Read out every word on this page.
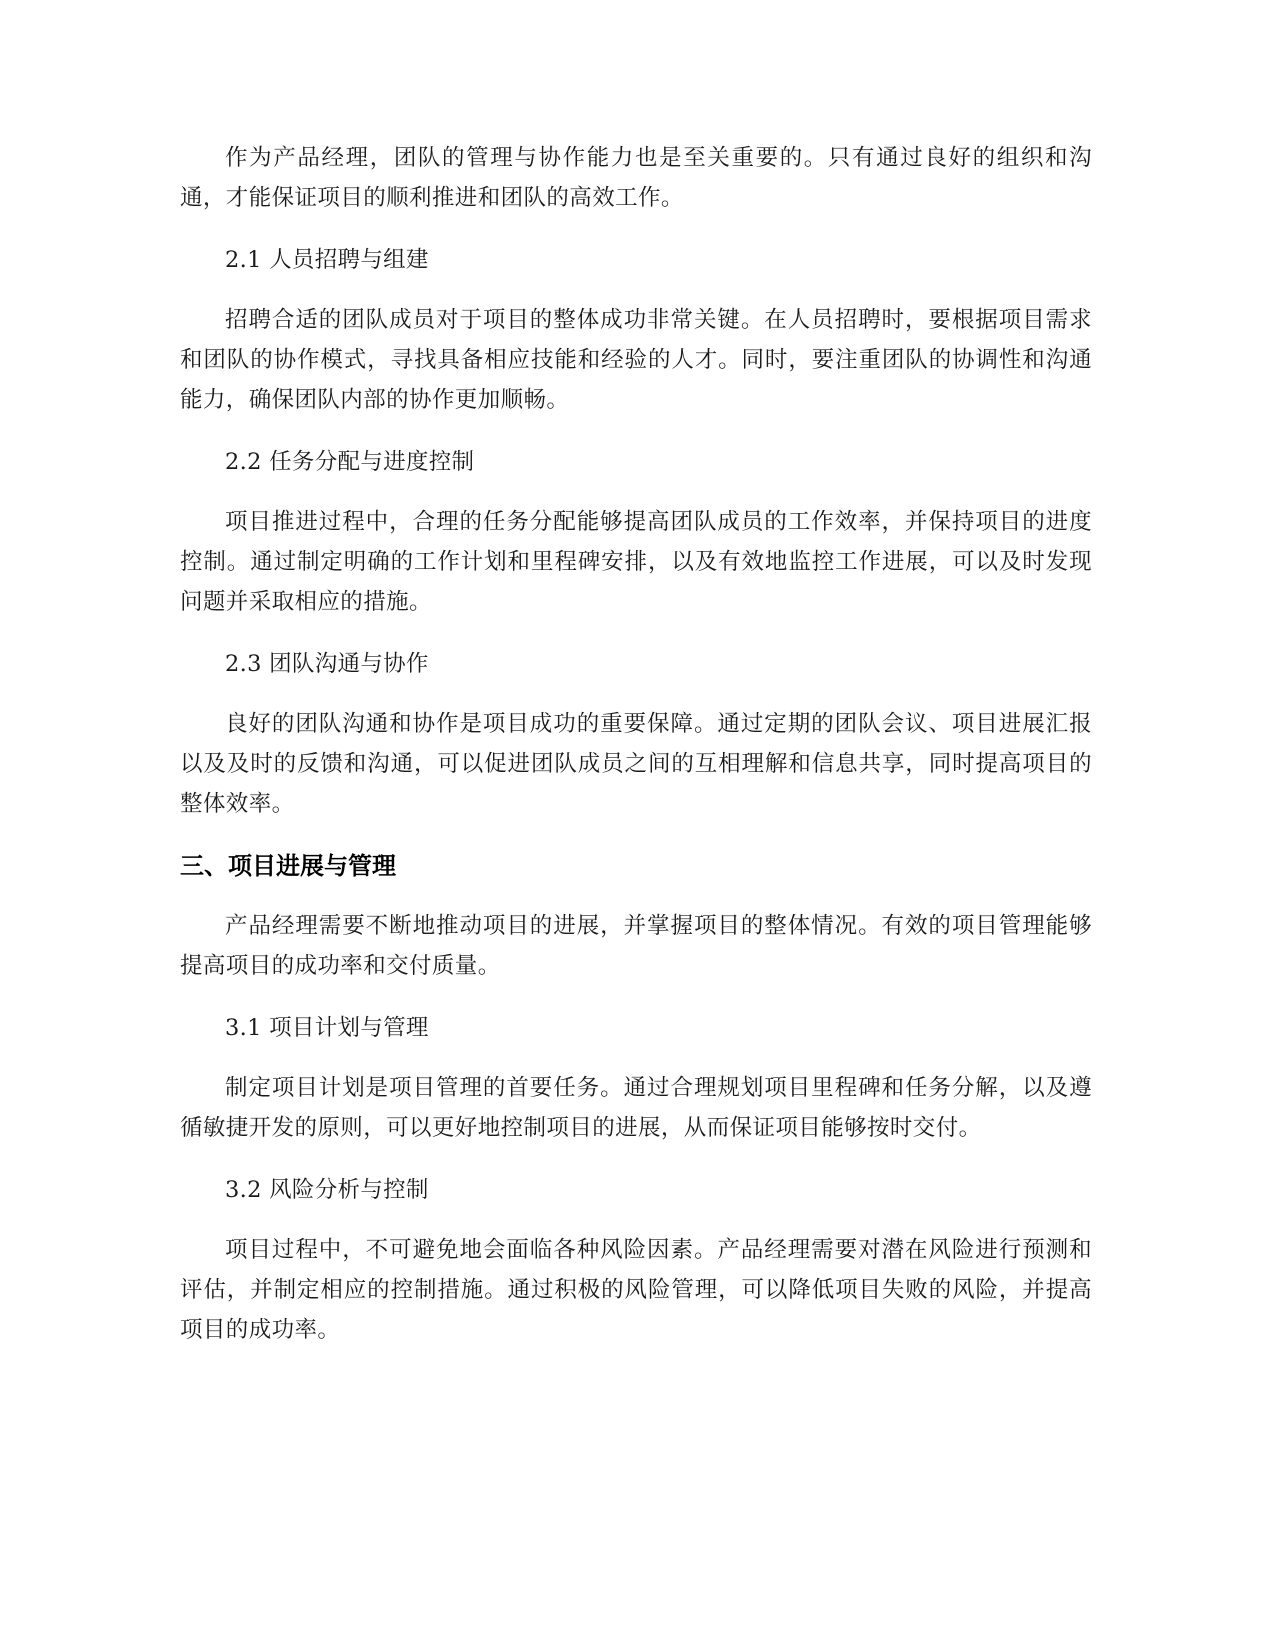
作为产品经理，团队的管理与协作能力也是至关重要的。只有通过良好的组织和沟通，才能保证项目的顺利推进和团队的高效工作。

2.1 人员招聘与组建

招聘合适的团队成员对于项目的整体成功非常关键。在人员招聘时，要根据项目需求和团队的协作模式，寻找具备相应技能和经验的人才。同时，要注重团队的协调性和沟通能力，确保团队内部的协作更加顺畅。

2.2 任务分配与进度控制

项目推进过程中，合理的任务分配能够提高团队成员的工作效率，并保持项目的进度控制。通过制定明确的工作计划和里程碑安排，以及有效地监控工作进展，可以及时发现问题并采取相应的措施。

2.3 团队沟通与协作

良好的团队沟通和协作是项目成功的重要保障。通过定期的团队会议、项目进展汇报以及及时的反馈和沟通，可以促进团队成员之间的互相理解和信息共享，同时提高项目的整体效率。

三、项目进展与管理

产品经理需要不断地推动项目的进展，并掌握项目的整体情况。有效的项目管理能够提高项目的成功率和交付质量。

3.1 项目计划与管理

制定项目计划是项目管理的首要任务。通过合理规划项目里程碑和任务分解，以及遵循敏捷开发的原则，可以更好地控制项目的进展，从而保证项目能够按时交付。

3.2 风险分析与控制

项目过程中，不可避免地会面临各种风险因素。产品经理需要对潜在风险进行预测和评估，并制定相应的控制措施。通过积极的风险管理，可以降低项目失败的风险，并提高项目的成功率。
